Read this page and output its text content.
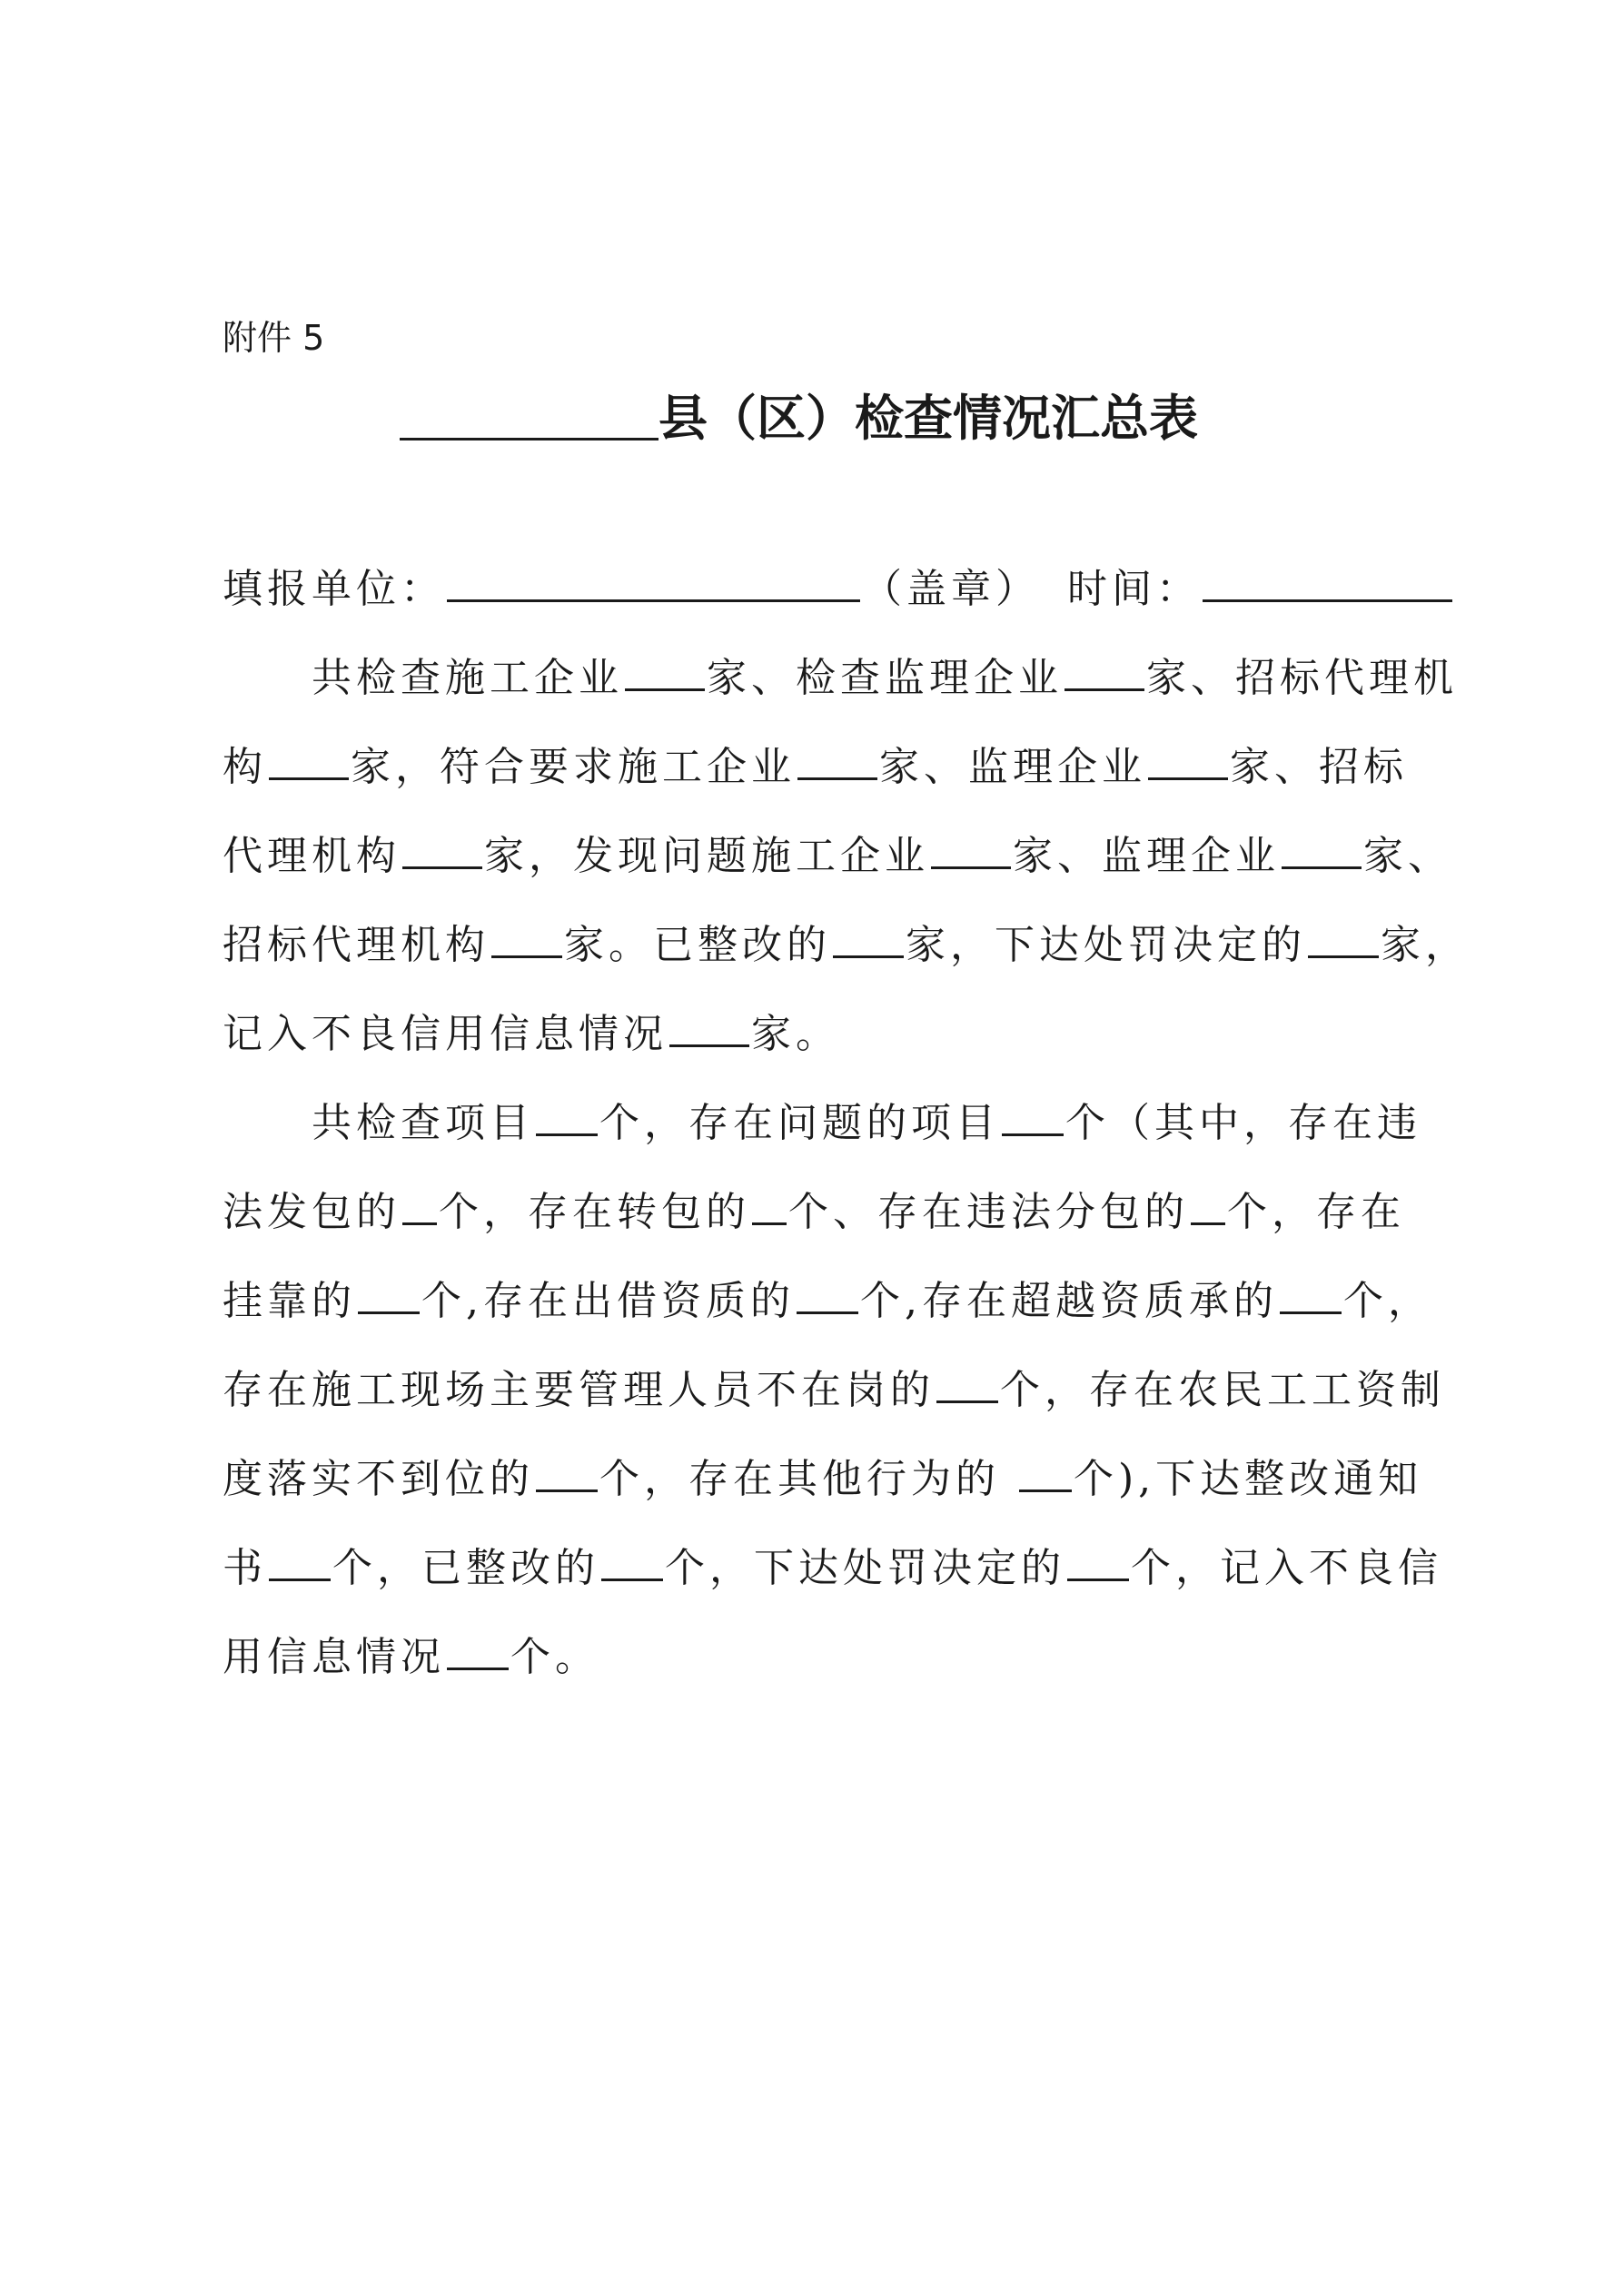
附件 5
县（区）检查情况汇总表
填报单位：	（盖章） 时间：
共检查施工企业 家、检查监理企业 家、招标代理机
构 家，符合要求施工企业 家、监理企业 家、招标
代理机构 家，发现问题施工企业 家、监理企业 家、
招标代理机构 家。已整改的 家，下达处罚决定的 家，
记入不良信用信息情况 家。
共检查项目 个，存在问题的项目 个（其中，存在违
法发包的 个，存在转包的 个、存在违法分包的 个，存在
挂靠的 个,存在出借资质的 个,存在超越资质承的 个，
存在施工现场主要管理人员不在岗的 个，存在农民工工资制
度落实不到位的 个，存在其他行为的 个),下达整改通知
书 个，已整改的 个，下达处罚决定的 个，记入不良信
用信息情况 个。
